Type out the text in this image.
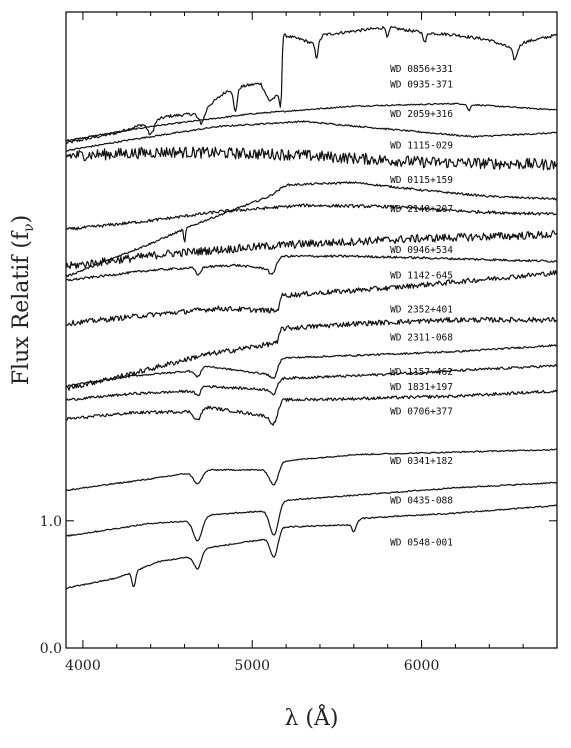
WD 0856+331
WD 0935-371
WD 2059+316
WD 1115-029
WD 0115+159
WD 2140+207
WD 0946+534
WD 1142-645
WD 2352+401
WD 2311-068
WD 1157-462
WD 1831+197
WD 0706+377
WD 0341+182
WD 0435-088
WD 0548-001
4000	5000	6000
0.0
1.0
λ (Å)
Flux Relatif $(f_\nu)$
